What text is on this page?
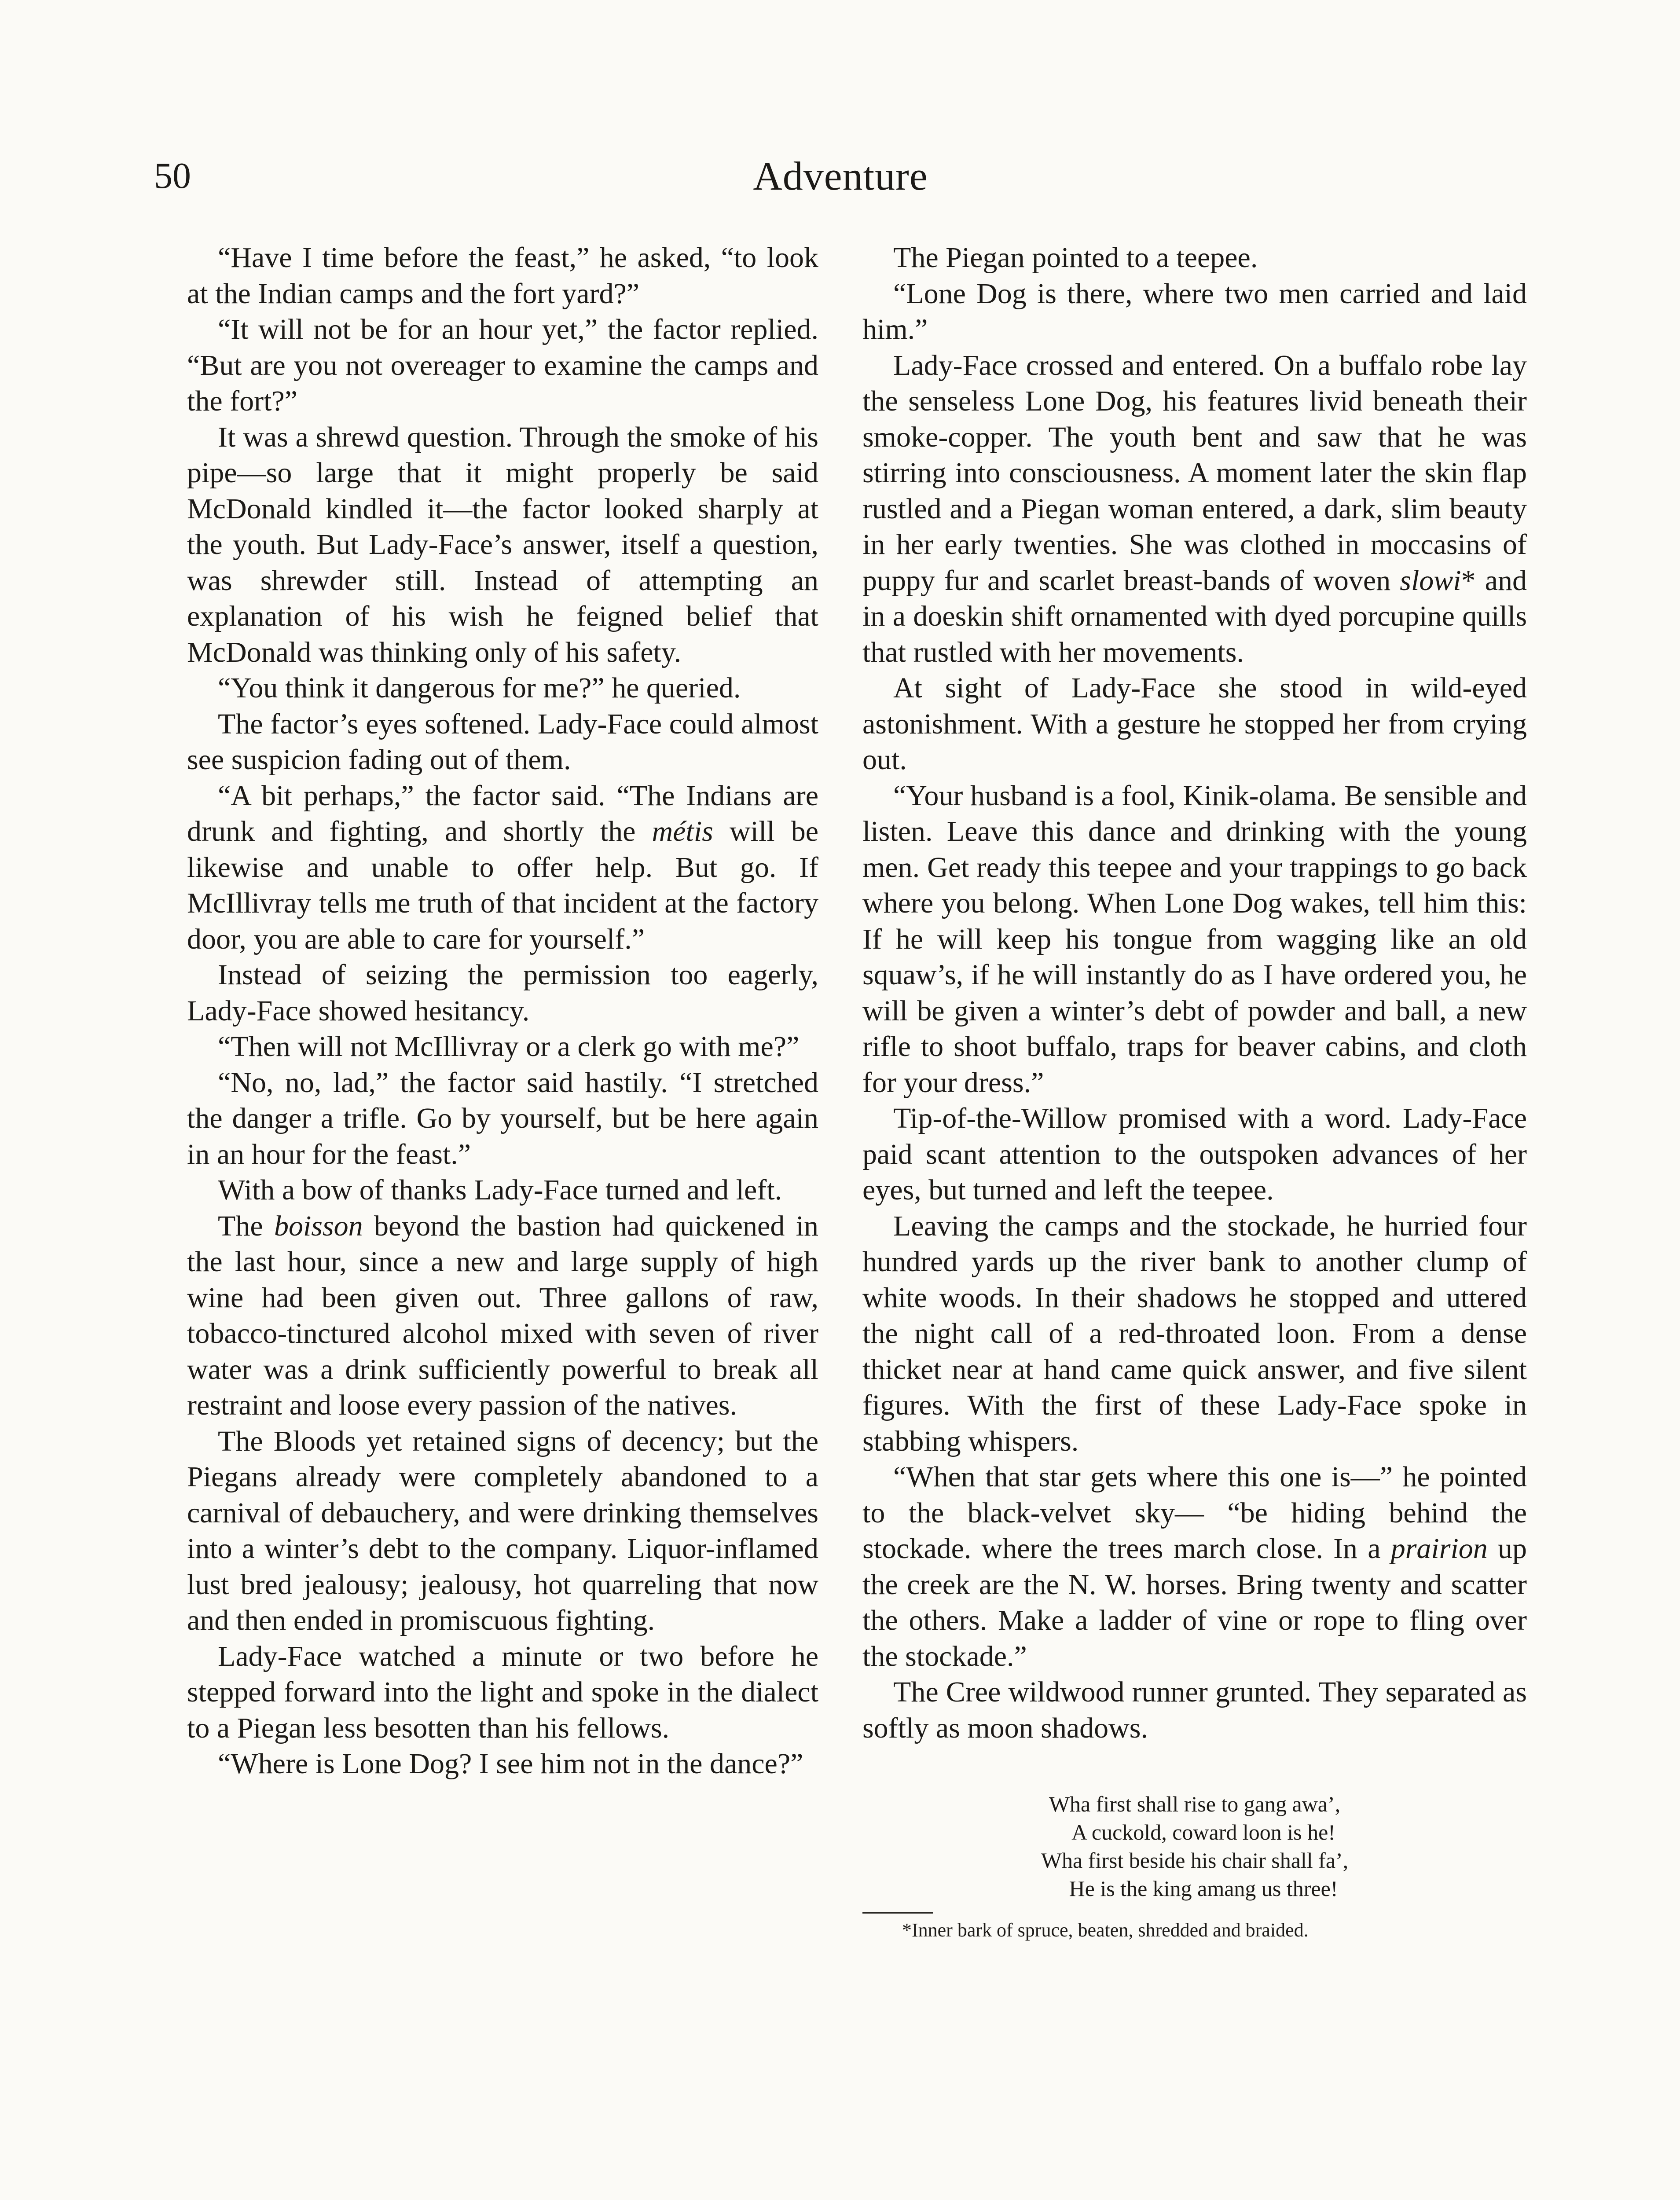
50	Adventure

“Have I time before the feast,” he asked, “to look at the Indian camps and the fort yard?”

“It will not be for an hour yet,” the factor replied. “But are you not overeager to examine the camps and the fort?”

It was a shrewd question. Through the smoke of his pipe—so large that it might properly be said McDonald kindled it—the factor looked sharply at the youth. But Lady-Face’s answer, itself a question, was shrewder still. Instead of attempting an explanation of his wish he feigned belief that McDonald was thinking only of his safety.

“You think it dangerous for me?” he queried.

The factor’s eyes softened. Lady-Face could almost see suspicion fading out of them.

“A bit perhaps,” the factor said. “The Indians are drunk and fighting, and shortly the métis will be likewise and unable to offer help. But go. If McIllivray tells me truth of that incident at the factory door, you are able to care for yourself.”

Instead of seizing the permission too eagerly, Lady-Face showed hesitancy.

“Then will not McIllivray or a clerk go with me?”

“No, no, lad,” the factor said hastily. “I stretched the danger a trifle. Go by yourself, but be here again in an hour for the feast.”

With a bow of thanks Lady-Face turned and left.

The boisson beyond the bastion had quickened in the last hour, since a new and large supply of high wine had been given out. Three gallons of raw, tobacco-tinctured alcohol mixed with seven of river water was a drink sufficiently powerful to break all restraint and loose every passion of the natives.

The Bloods yet retained signs of decency; but the Piegans already were completely abandoned to a carnival of debauchery, and were drinking themselves into a winter’s debt to the company. Liquor-inflamed lust bred jealousy; jealousy, hot quarreling that now and then ended in promiscuous fighting.

Lady-Face watched a minute or two before he stepped forward into the light and spoke in the dialect to a Piegan less besotten than his fellows.

“Where is Lone Dog? I see him not in the dance?”

The Piegan pointed to a teepee.

“Lone Dog is there, where two men carried and laid him.”

Lady-Face crossed and entered. On a buffalo robe lay the senseless Lone Dog, his features livid beneath their smoke-copper. The youth bent and saw that he was stirring into consciousness. A moment later the skin flap rustled and a Piegan woman entered, a dark, slim beauty in her early twenties. She was clothed in moccasins of puppy fur and scarlet breast-bands of woven slowi* and in a doeskin shift ornamented with dyed porcupine quills that rustled with her movements.

At sight of Lady-Face she stood in wild-eyed astonishment. With a gesture he stopped her from crying out.

“Your husband is a fool, Kinik-olama. Be sensible and listen. Leave this dance and drinking with the young men. Get ready this teepee and your trappings to go back where you belong. When Lone Dog wakes, tell him this: If he will keep his tongue from wagging like an old squaw’s, if he will instantly do as I have ordered you, he will be given a winter’s debt of powder and ball, a new rifle to shoot buffalo, traps for beaver cabins, and cloth for your dress.”

Tip-of-the-Willow promised with a word. Lady-Face paid scant attention to the outspoken advances of her eyes, but turned and left the teepee.

Leaving the camps and the stockade, he hurried four hundred yards up the river bank to another clump of white woods. In their shadows he stopped and uttered the night call of a red-throated loon. From a dense thicket near at hand came quick answer, and five silent figures. With the first of these Lady-Face spoke in stabbing whispers.

“When that star gets where this one is—” he pointed to the black-velvet sky— “be hiding behind the stockade. where the trees march close. In a prairion up the creek are the N. W. horses. Bring twenty and scatter the others. Make a ladder of vine or rope to fling over the stockade.”

The Cree wildwood runner grunted. They separated as softly as moon shadows.

Wha first shall rise to gang awa’,
A cuckold, coward loon is he!
Wha first beside his chair shall fa’,
He is the king amang us three!
*Inner bark of spruce, beaten, shredded and braided.
